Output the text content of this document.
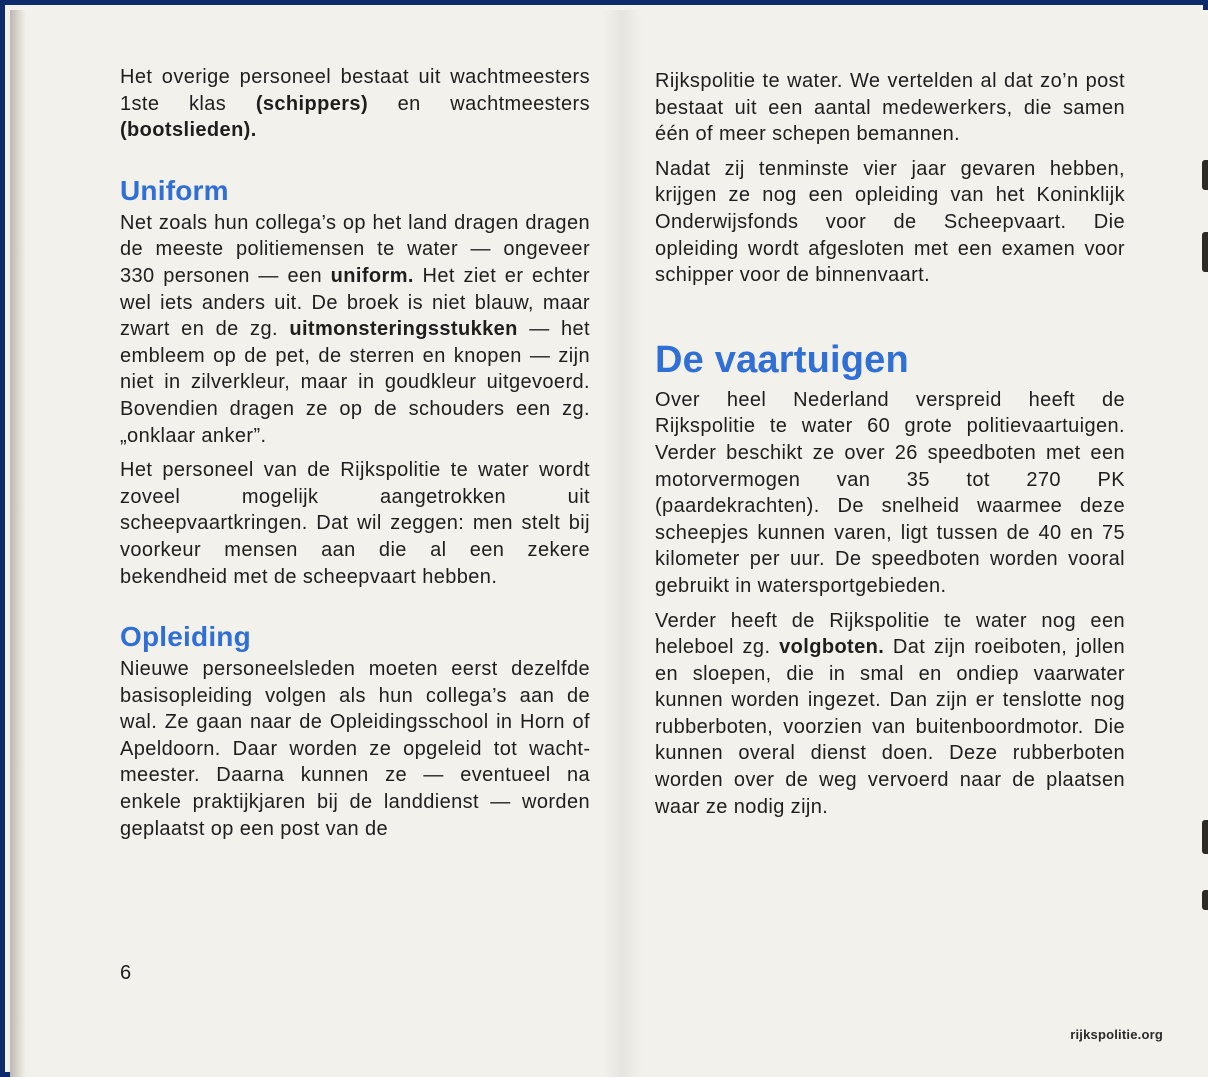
Het overige personeel bestaat uit wachtmeesters 1ste klas (schippers) en wachtmeesters (bootslieden).

Uniform

Net zoals hun collega’s op het land dragen dragen de meeste politiemensen te water — ongeveer 330 personen — een uniform. Het ziet er echter wel iets anders uit. De broek is niet blauw, maar zwart en de zg. uitmonsteringsstukken — het embleem op de pet, de sterren en knopen — zijn niet in zilverkleur, maar in goudkleur uitgevoerd. Bovendien dragen ze op de schouders een zg. „onklaar anker”.

Het personeel van de Rijkspolitie te water wordt zoveel mogelijk aangetrokken uit scheepvaartkringen. Dat wil zeggen: men stelt bij voorkeur mensen aan die al een zekere bekendheid met de scheepvaart hebben.

Opleiding

Nieuwe personeelsleden moeten eerst dezelfde basisopleiding volgen als hun collega’s aan de wal. Ze gaan naar de Opleidingsschool in Horn of Apeldoorn. Daar worden ze opgeleid tot wachtmeester. Daarna kunnen ze — eventueel na enkele praktijkjaren bij de landdienst — worden geplaatst op een post van de

Rijkspolitie te water. We vertelden al dat zo’n post bestaat uit een aantal medewerkers, die samen één of meer schepen bemannen.

Nadat zij tenminste vier jaar gevaren hebben, krijgen ze nog een opleiding van het Koninklijk Onderwijsfonds voor de Scheepvaart. Die opleiding wordt afgesloten met een examen voor schipper voor de binnenvaart.

De vaartuigen

Over heel Nederland verspreid heeft de Rijkspolitie te water 60 grote politievaartuigen. Verder beschikt ze over 26 speedboten met een motorvermogen van 35 tot 270 PK (paardekrachten). De snelheid waarmee deze scheepjes kunnen varen, ligt tussen de 40 en 75 kilometer per uur. De speedboten worden vooral gebruikt in watersportgebieden.

Verder heeft de Rijkspolitie te water nog een heleboel zg. volgboten. Dat zijn roeiboten, jollen en sloepen, die in smal en ondiep vaarwater kunnen worden ingezet. Dan zijn er tenslotte nog rubberboten, voorzien van buitenboordmotor. Die kunnen overal dienst doen. Deze rubberboten worden over de weg vervoerd naar de plaatsen waar ze nodig zijn.

6
rijkspolitie.org
